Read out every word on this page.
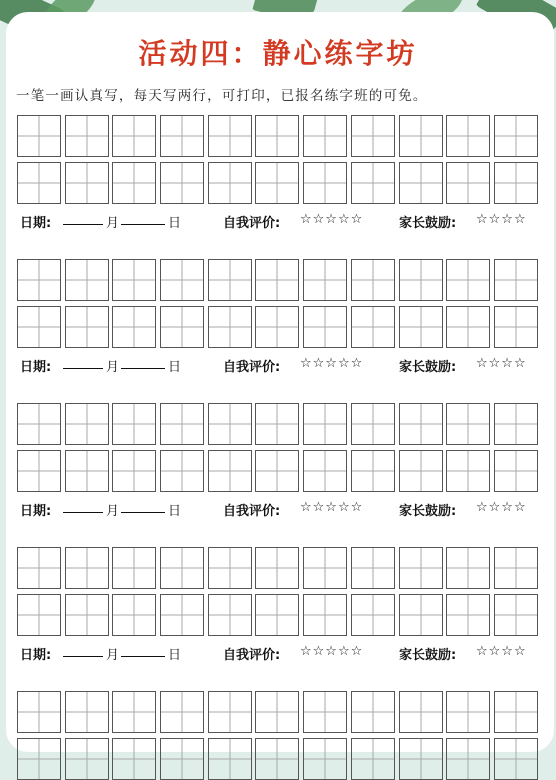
活动四：静心练字坊
一笔一画认真写，每天写两行，可打印，已报名练字班的可免。
日期:	月	日	自我评价: ☆☆☆☆☆	家长鼓励: ☆☆☆☆
日期:	月	日	自我评价: ☆☆☆☆☆	家长鼓励: ☆☆☆☆
日期:	月	日	自我评价: ☆☆☆☆☆	家长鼓励: ☆☆☆☆
日期:	月	日	自我评价: ☆☆☆☆☆	家长鼓励: ☆☆☆☆
